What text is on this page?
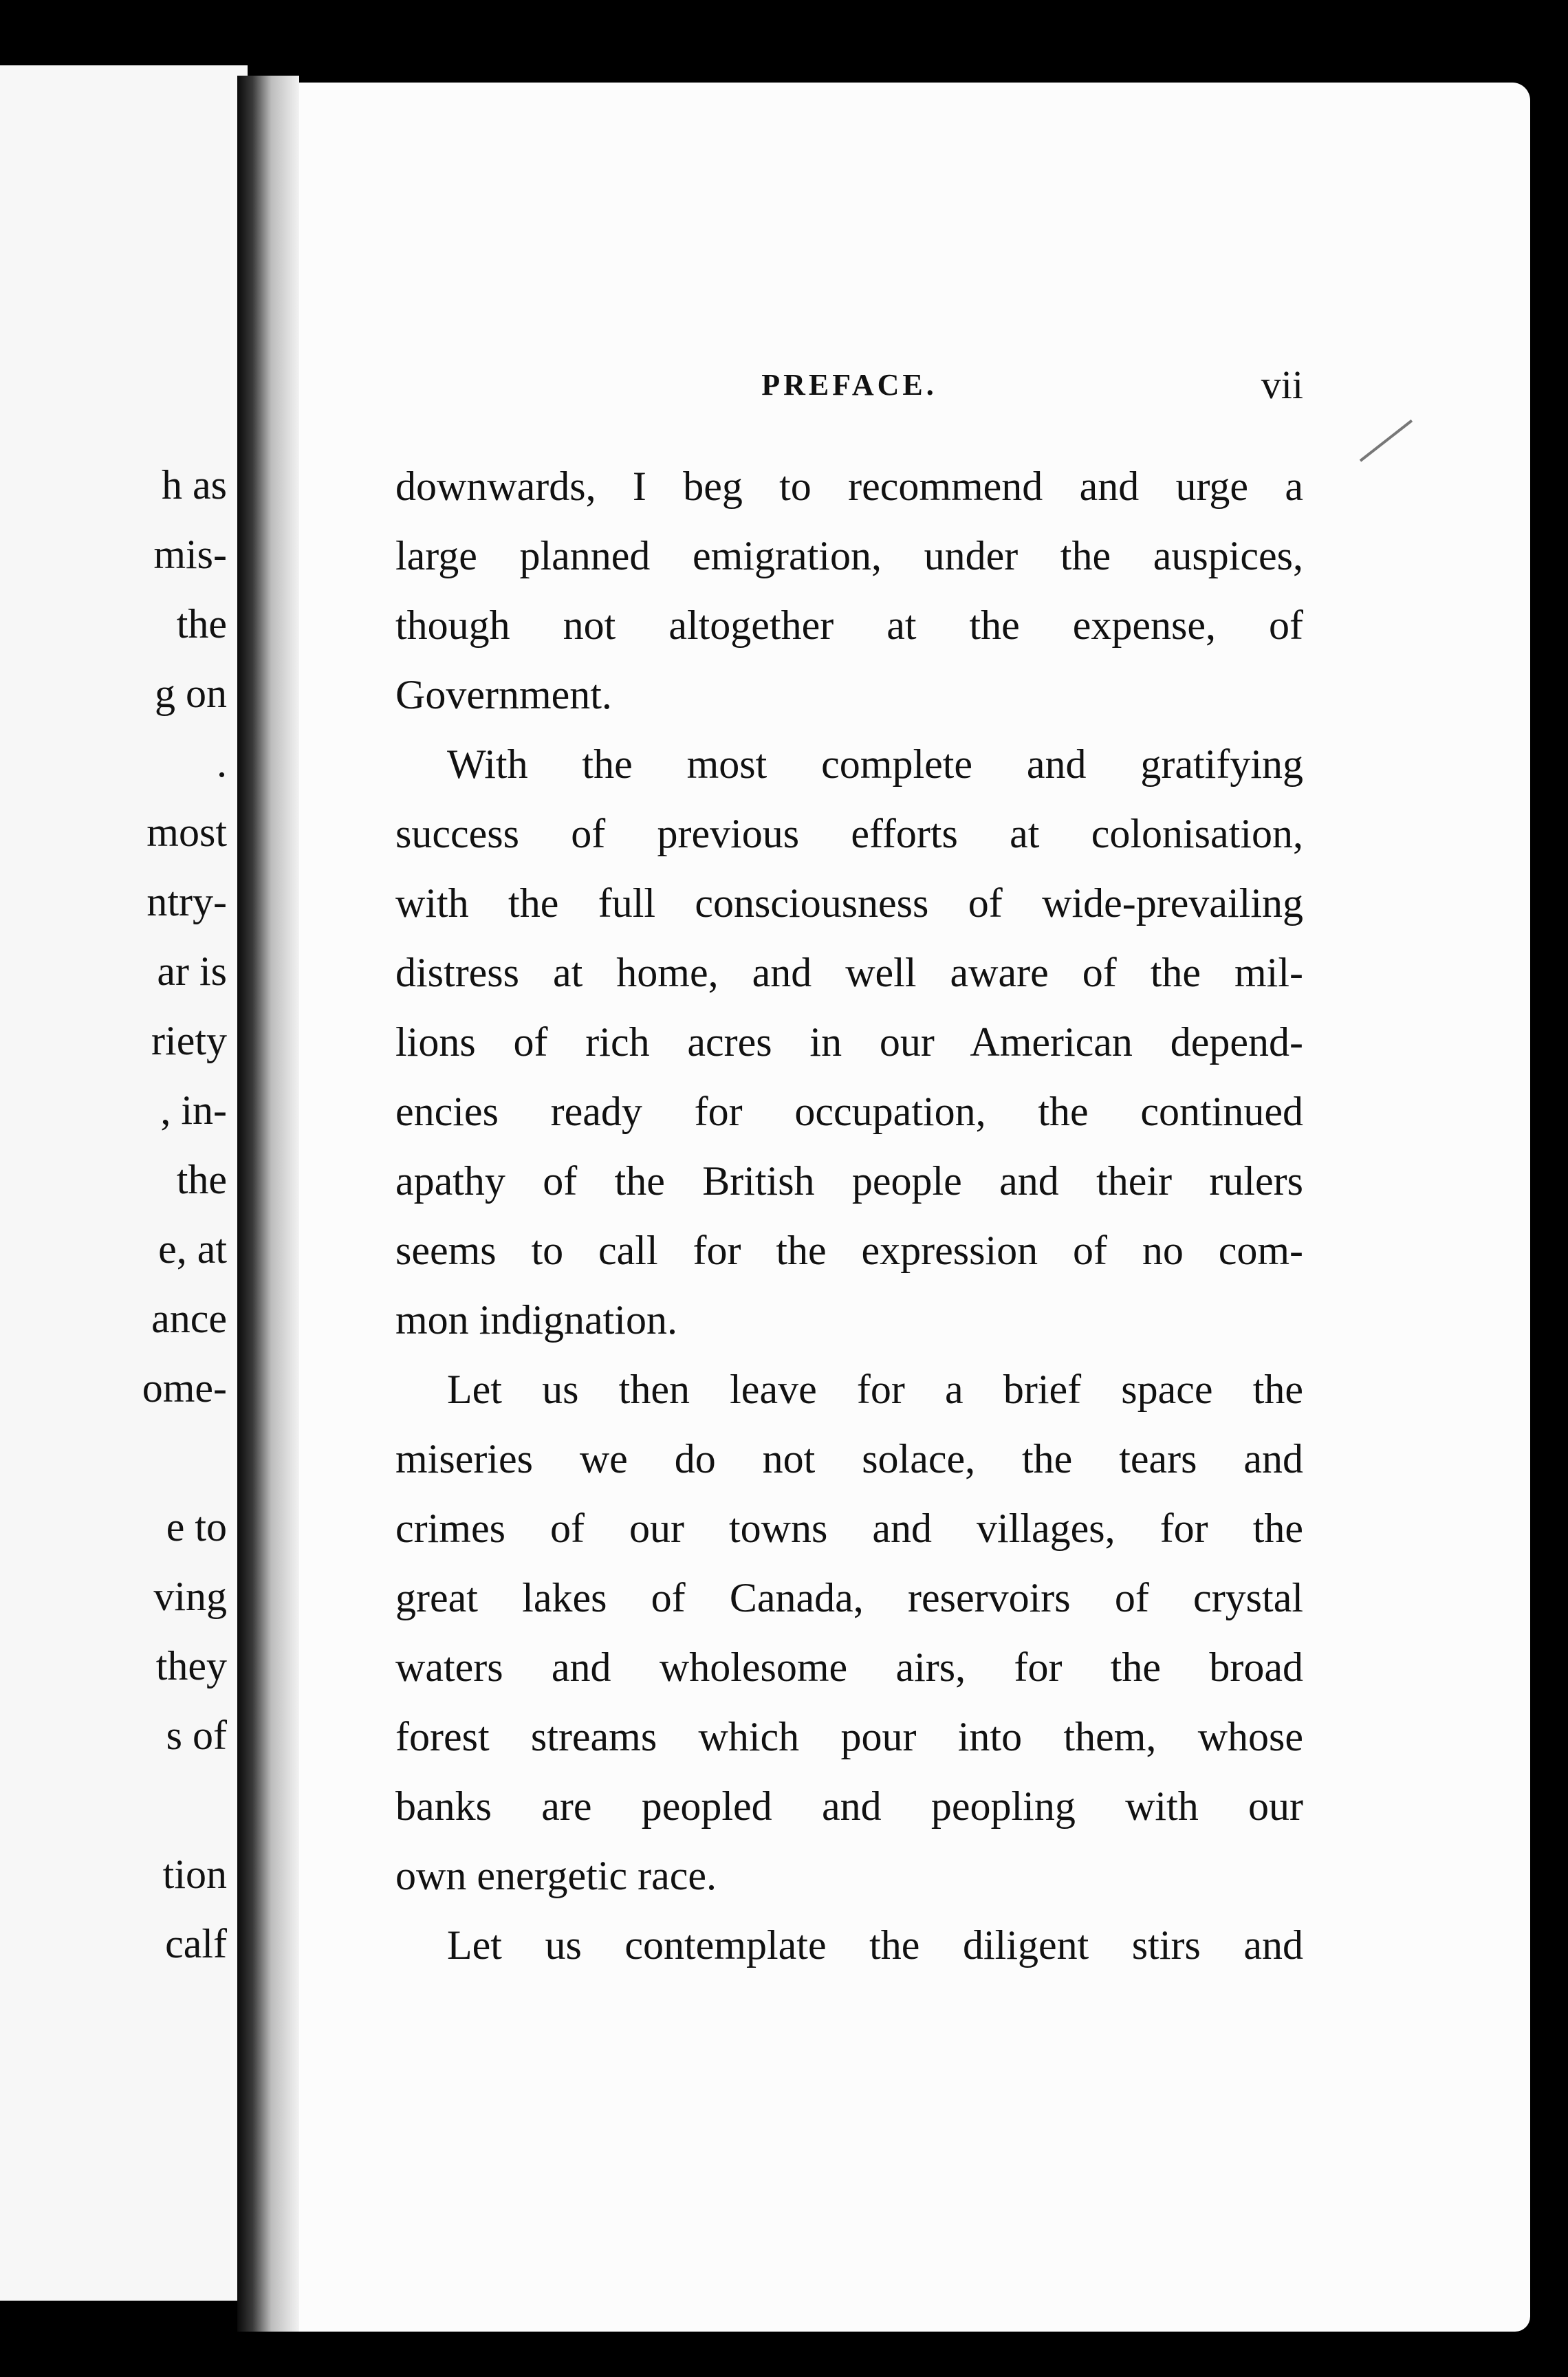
h as
mis-
the
g on
.
most
ntry-
ar is
riety
, in-
the
e, at
ance
ome-
e to
ving
they
s of
tion
calf
PREFACE.	vii
downwards, I beg to recommend and urge a
large planned emigration, under the auspices,
though not altogether at the expense, of
Government.
With the most complete and gratifying
success of previous efforts at colonisation,
with the full consciousness of wide-prevailing
distress at home, and well aware of the mil-
lions of rich acres in our American depend-
encies ready for occupation, the continued
apathy of the British people and their rulers
seems to call for the expression of no com-
mon indignation.
Let us then leave for a brief space the
miseries we do not solace, the tears and
crimes of our towns and villages, for the
great lakes of Canada, reservoirs of crystal
waters and wholesome airs, for the broad
forest streams which pour into them, whose
banks are peopled and peopling with our
own energetic race.
Let us contemplate the diligent stirs and
